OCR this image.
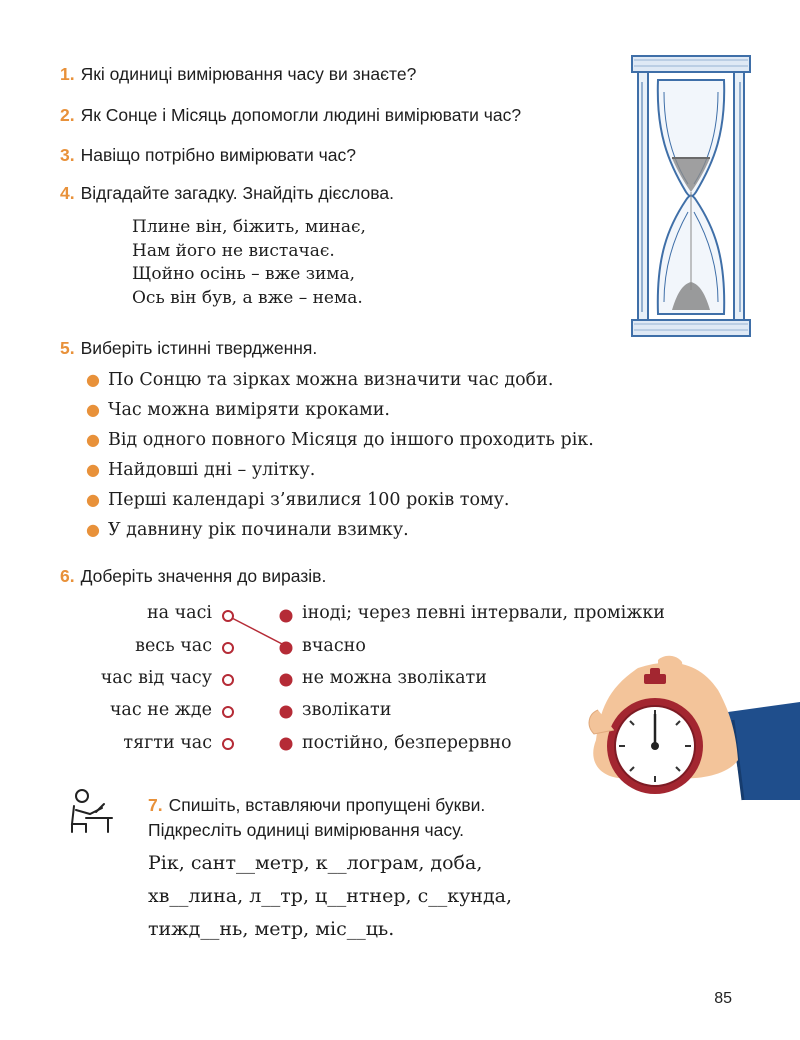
1. Які одиниці вимірювання часу ви знаєте?
2. Як Сонце і Місяць допомогли людині вимірювати час?
3. Навіщо потрібно вимірювати час?
4. Відгадайте загадку. Знайдіть дієслова.
Плине він, біжить, минає,
Нам його не вистачає.
Щойно осінь – вже зима,
Ось він був, а вже – нема.
5. Виберіть істинні твердження.
● По Сонцю та зірках можна визначити час доби.
● Час можна виміряти кроками.
● Від одного повного Місяця до іншого проходить рік.
● Найдовші дні – улітку.
● Перші календарі з’явилися 100 років тому.
● У давнину рік починали взимку.
6. Доберіть значення до виразів.
на часі
весь час
час від часу
час не жде
тягти час
іноді; через певні інтервали, проміжки
вчасно
не можна зволікати
зволікати
постійно, безперервно
7. Спишіть, вставляючи пропущені букви.
Підкресліть одиниці вимірювання часу.
Рік, сант__метр, к__лограм, доба,
хв__лина, л__тр, ц__нтнер, с__кунда,
тижд__нь, метр, міс__ць.
85
